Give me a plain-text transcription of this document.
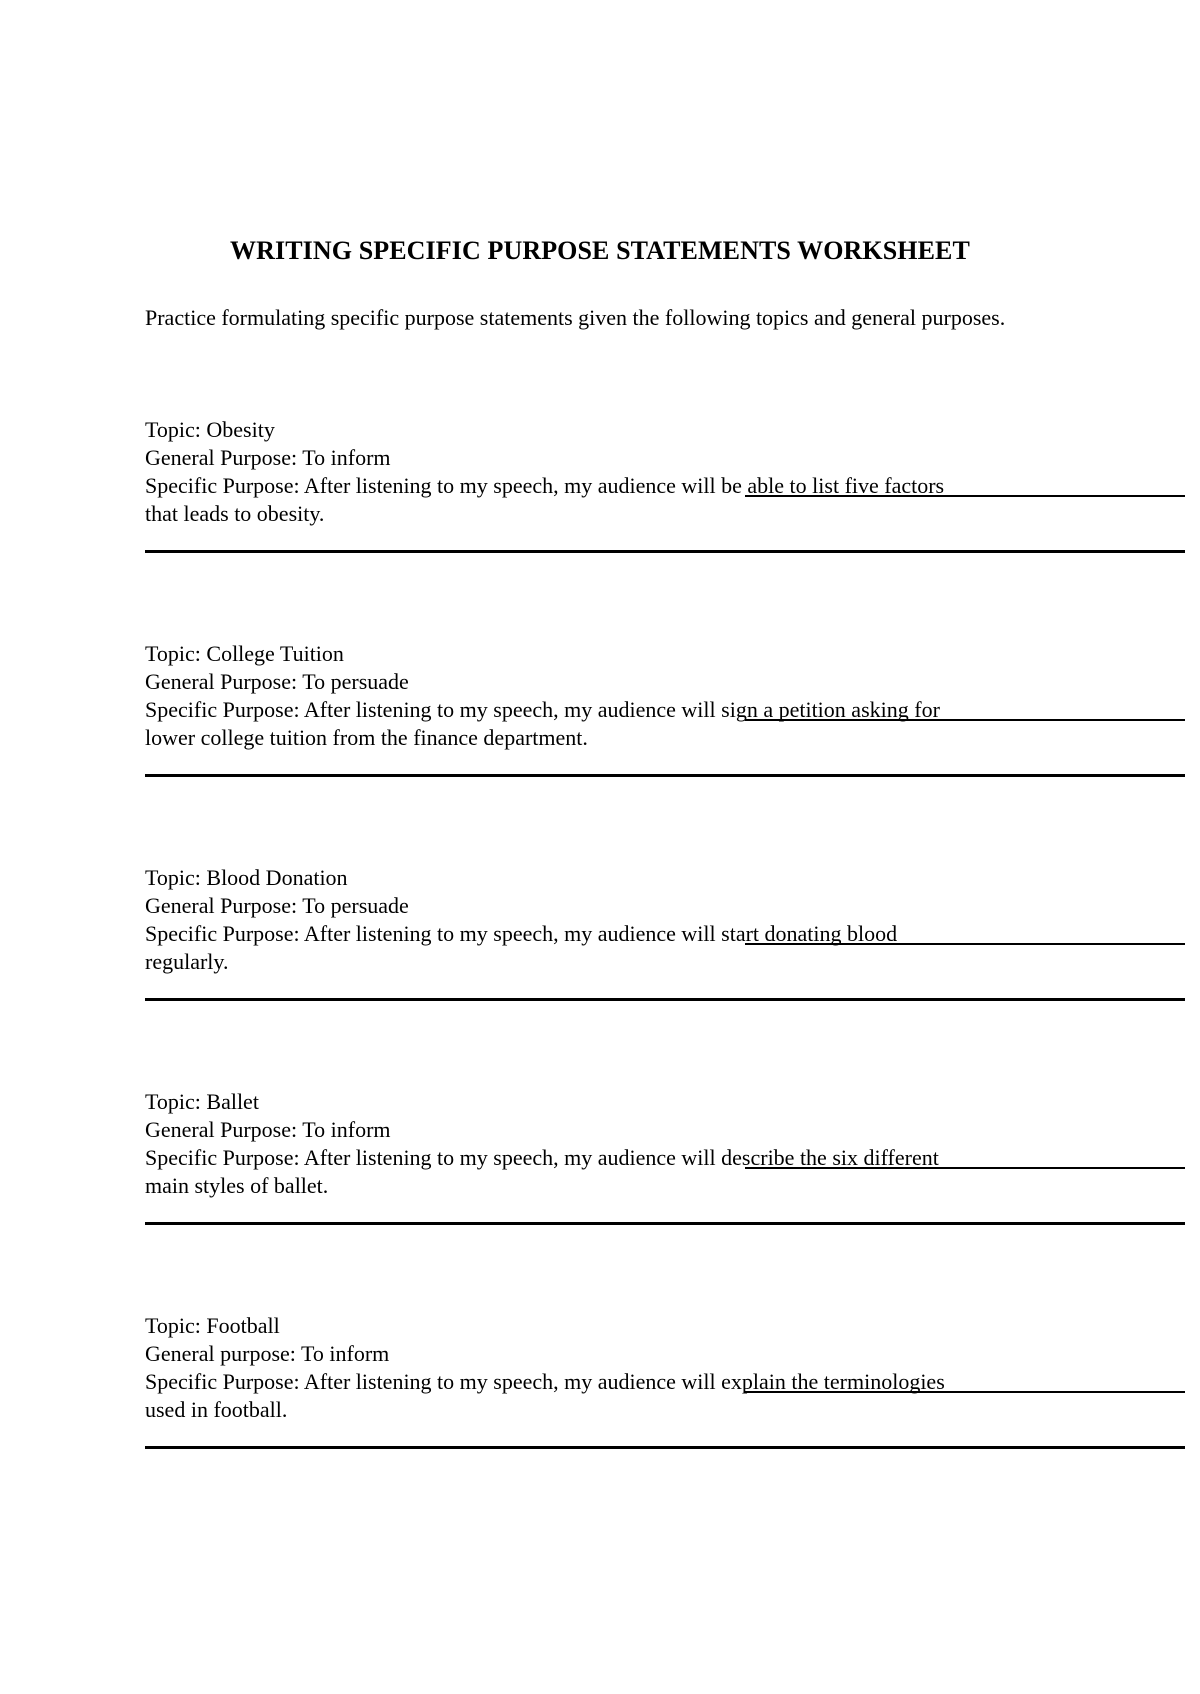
WRITING SPECIFIC PURPOSE STATEMENTS WORKSHEET
Practice formulating specific purpose statements given the following topics and general purposes.
Topic: Obesity
General Purpose: To inform
Specific Purpose: After listening to my speech, my audience will be able to list five factors
that leads to obesity.
Topic: College Tuition
General Purpose: To persuade
Specific Purpose: After listening to my speech, my audience will sign a petition asking for
lower college tuition from the finance department.
Topic: Blood Donation
General Purpose: To persuade
Specific Purpose: After listening to my speech, my audience will start donating blood
regularly.
Topic: Ballet
General Purpose: To inform
Specific Purpose: After listening to my speech, my audience will describe the six different
main styles of ballet.
Topic: Football
General purpose: To inform
Specific Purpose: After listening to my speech, my audience will explain the terminologies
used in football.
